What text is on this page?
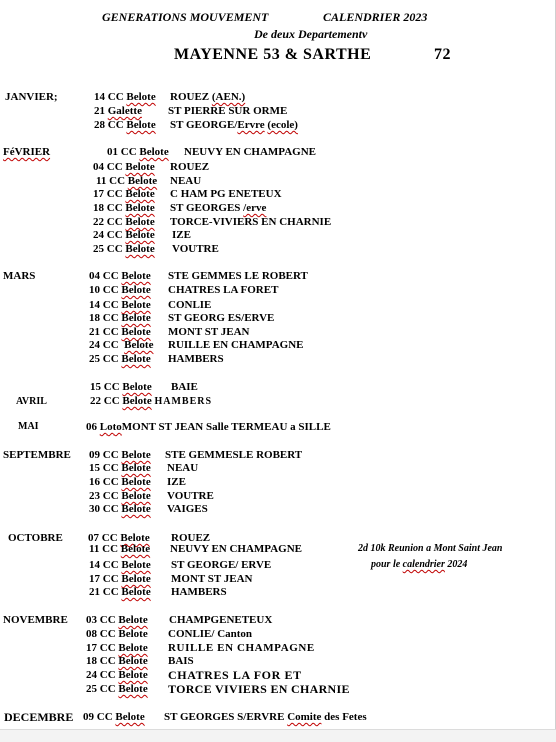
GENERATIONS MOUVEMENT	CALENDRIER 2023
De deux Departementv
MAYENNE 53 & SARTHE	72
JANVIER;	14 CC Belote ROUEZ (AEN.)
21 Galette ST PIERRE SUR ORME
28 CC Belote ST GEORGE/Ervre (ecole)
FéVRIER	01 CC Belote NEUVY EN CHAMPAGNE
04 CC Belote ROUEZ
11 CC Belote NEAU
17 CC Belote C HAM PG ENETEUX
18 CC Belote ST GEORGES /erve
22 CC Belote TORCE-VIVIERS EN CHARNIE
24 CC Belote IZE
25 CC Belote VOUTRE
MARS	04 CC Belote STE GEMMES LE ROBERT
10 CC Belote CHATRES LA FORET
14 CC Belote CONLIE
18 CC Belote ST GEORG ES/ERVE
21 CC Belote MONT ST JEAN
24 CC Belote RUILLE EN CHAMPAGNE
25 CC Belote HAMBERS
15 CC Belote BAIE
AVRIL	22 CC Belote HAMBERS
MAI	06 LotoMONT ST JEAN Salle TERMEAU a SILLE
SEPTEMBRE 09 CC Belote STE GEMMESLE ROBERT
15 CC Belote NEAU
16 CC Belote IZE
23 CC Belote VOUTRE
30 CC Belote VAIGES
OCTOBRE 07 CC Belote ROUEZ
11 CC Belote NEUVY EN CHAMPAGNE
14 CC Belote ST GEORGE/ ERVE
17 CC Belote MONT ST JEAN
21 CC Belote HAMBERS
2d 10k Reunion a Mont Saint Jean
pour le calendrier 2024
NOVEMBRE 03 CC Belote CHAMPGENETEUX
08 CC Belote CONLIE/ Canton
17 CC Belote RUILLE EN CHAMPAGNE
18 CC Belote BAIS
24 CC Belote CHATRES LA FOR ET
25 CC Belote TORCE VIVIERS EN CHARNIE
DECEMBRE 09 CC Belote ST GEORGES S/ERVRE Comite des Fetes
